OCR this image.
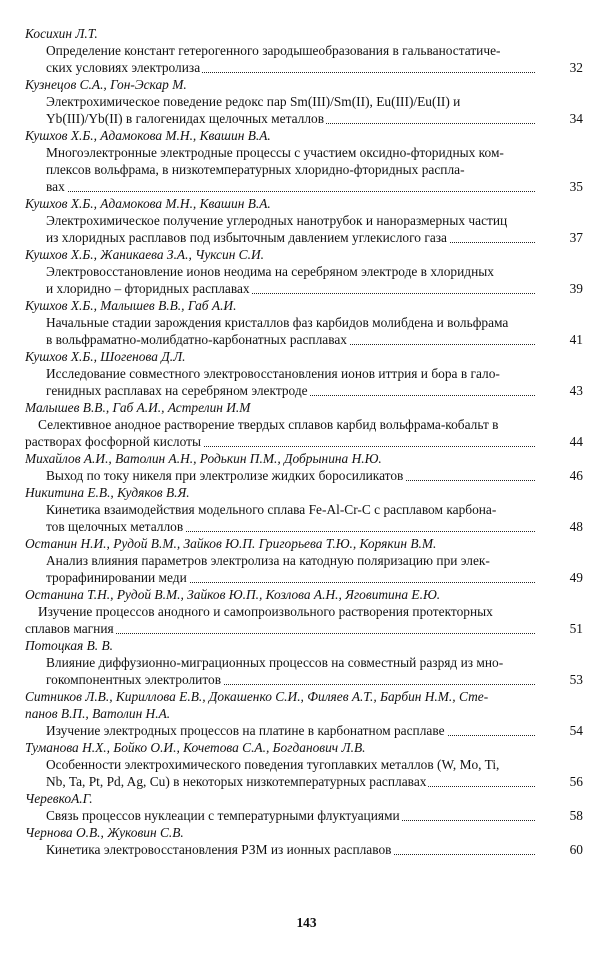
Косихин Л.Т.
Определение констант гетерогенного зародышеобразования в гальваностатиче-
ских условиях электролиза	32
Кузнецов С.А., Гон-Эскар М.
Электрохимическое поведение редокс пар Sm(III)/Sm(II), Eu(III)/Eu(II) и
Yb(III)/Yb(II) в галогенидах щелочных металлов	34
Кушхов Х.Б., Адамокова М.Н., Квашин В.А.
Многоэлектронные электродные процессы с участием оксидно-фторидных ком-
плексов вольфрама, в низкотемпературных хлоридно-фторидных распла-
вах	35
Кушхов Х.Б., Адамокова М.Н., Квашин В.А.
Электрохимическое получение углеродных нанотрубок и наноразмерных частиц
из хлоридных расплавов под избыточным давлением углекислого газа	37
Кушхов Х.Б., Жаникаева З.А., Чуксин С.И.
Электровосстановление ионов неодима на серебряном электроде в хлоридных
и хлоридно – фторидных расплавах	39
Кушхов Х.Б., Малышев В.В., Габ А.И.
Начальные стадии зарождения кристаллов фаз карбидов молибдена и вольфрама
в вольфраматно-молибдатно-карбонатных расплавах	41
Кушхов Х.Б., Шогенова Д.Л.
Исследование совместного электровосстановления ионов иттрия и бора в гало-
генидных расплавах на серебряном электроде	43
Малышев В.В., Габ А.И., Астрелин И.М
Селективное анодное растворение твердых сплавов карбид вольфрама-кобальт в
растворах фосфорной кислоты	44
Михайлов А.И., Ватолин А.Н., Родькин П.М., Добрынина Н.Ю.
Выход по току никеля при электролизе жидких боросиликатов	46
Никитина Е.В., Кудяков В.Я.
Кинетика взаимодействия модельного сплава Fe-Al-Cr-C с расплавом карбона-
тов щелочных металлов	48
Останин Н.И., Рудой В.М., Зайков Ю.П. Григорьева Т.Ю., Корякин В.М.
Анализ влияния параметров электролиза на катодную поляризацию при элек-
трорафинировании меди	49
Останина Т.Н., Рудой В.М., Зайков Ю.П., Козлова А.Н., Яговитина Е.Ю.
Изучение процессов анодного и самопроизвольного растворения протекторных
сплавов магния	51
Потоцкая В. В.
Влияние диффузионно-миграционных процессов на совместный разряд из мно-
гокомпонентных электролитов	53
Ситников Л.В., Кириллова Е.В., Докашенко С.И., Филяев А.Т., Барбин Н.М., Сте-
панов В.П., Ватолин Н.А.
Изучение электродных процессов на платине в карбонатном расплаве	54
Туманова Н.Х., Бойко О.И., Кочетова С.А., Богданович Л.В.
Особенности электрохимического поведения тугоплавких металлов (W, Mo, Ti,
Nb, Ta, Pt, Pd, Ag, Cu) в некоторых низкотемпературных расплавах	56
ЧеревкоА.Г.
Связь процессов нуклеации с температурными флуктуациями	58
Чернова О.В., Жуковин С.В.
Кинетика электровосстановления РЗМ из ионных расплавов	60
143
